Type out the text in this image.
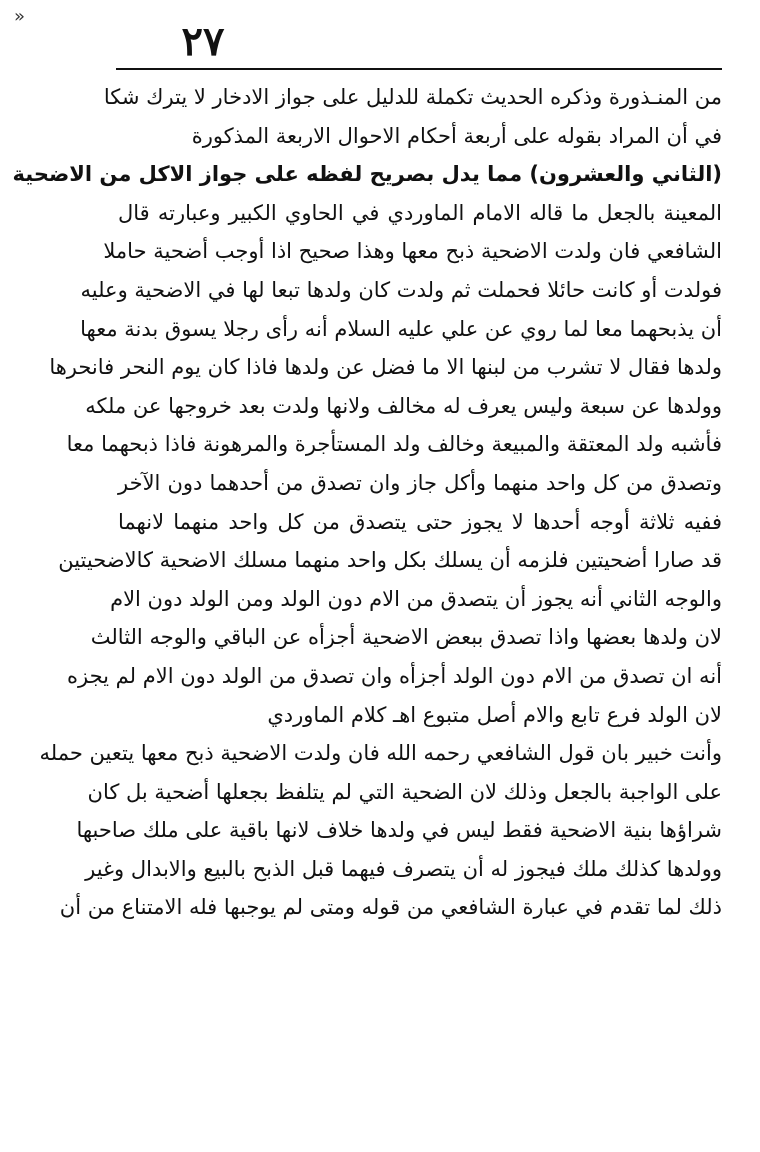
»
٢٧
من المنـذورة وذكره الحديث تكملة للدليل على جواز الادخار لا يترك شكا
في أن المراد بقوله على أربعة أحكام الاحوال الاربعة المذكورة
(الثاني والعشرون) مما يدل بصريح لفظه على جواز الاكل من الاضحية
المعينة بالجعل ما قاله الامام الماوردي في الحاوي الكبير وعبارته قال
الشافعي فان ولدت الاضحية ذبح معها وهذا صحيح اذا أوجب أضحية حاملا
فولدت أو كانت حائلا فحملت ثم ولدت كان ولدها تبعا لها في الاضحية وعليه
أن يذبحهما معا لما روي عن علي عليه السلام أنه رأى رجلا يسوق بدنة معها
ولدها فقال لا تشرب من لبنها الا ما فضل عن ولدها فاذا كان يوم النحر فانحرها
وولدها عن سبعة وليس يعرف له مخالف ولانها ولدت بعد خروجها عن ملكه
فأشبه ولد المعتقة والمبيعة وخالف ولد المستأجرة والمرهونة فاذا ذبحهما معا
وتصدق من كل واحد منهما وأكل جاز وان تصدق من أحدهما دون الآخر
ففيه ثلاثة أوجه أحدها لا يجوز حتى يتصدق من كل واحد منهما لانهما
قد صارا أضحيتين فلزمه أن يسلك بكل واحد منهما مسلك الاضحية كالاضحيتين
والوجه الثاني أنه يجوز أن يتصدق من الام دون الولد ومن الولد دون الام
لان ولدها بعضها واذا تصدق ببعض الاضحية أجزأه عن الباقي والوجه الثالث
أنه ان تصدق من الام دون الولد أجزأه وان تصدق من الولد دون الام لم يجزه
لان الولد فرع تابع والام أصل متبوع اهـ كلام الماوردي
وأنت خبير بان قول الشافعي رحمه الله فان ولدت الاضحية ذبح معها يتعين حمله
على الواجبة بالجعل وذلك لان الضحية التي لم يتلفظ بجعلها أضحية بل كان
شراؤها بنية الاضحية فقط ليس في ولدها خلاف لانها باقية على ملك صاحبها
وولدها كذلك ملك فيجوز له أن يتصرف فيهما قبل الذبح بالبيع والابدال وغير
ذلك لما تقدم في عبارة الشافعي من قوله ومتى لم يوجبها فله الامتناع من أن
